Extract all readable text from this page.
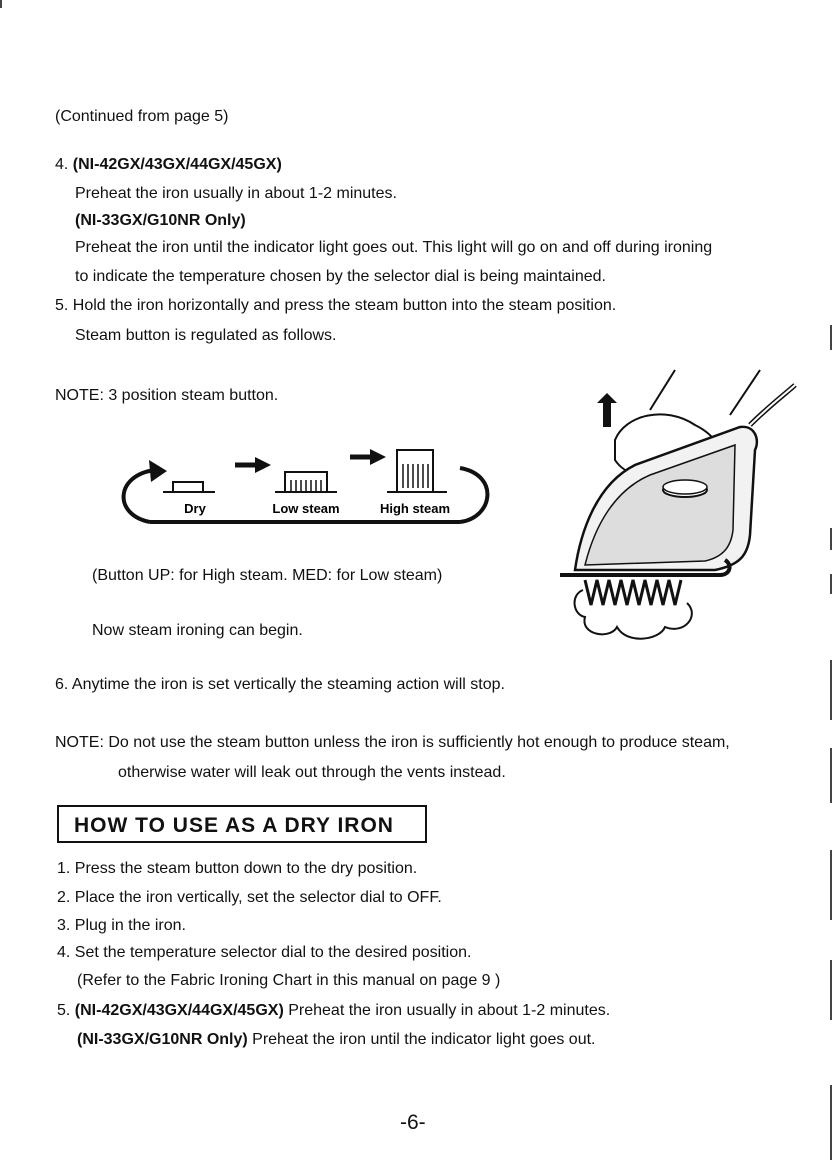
(Continued from page 5)
4. (NI-42GX/43GX/44GX/45GX)
Preheat the iron usually in about 1-2 minutes.
(NI-33GX/G10NR Only)
Preheat the iron until the indicator light goes out. This light will go on and off during ironing
to indicate the temperature chosen by the selector dial is being maintained.
5. Hold the iron horizontally and press the steam button into the steam position.
Steam button is regulated as follows.
NOTE: 3 position steam button.
Dry	Low steam	High steam
(Button UP: for High steam. MED: for Low steam)
Now steam ironing can begin.
6. Anytime the iron is set vertically the steaming action will stop.
NOTE: Do not use the steam button unless the iron is sufficiently hot enough to produce steam,
otherwise water will leak out through the vents instead.
HOW TO USE AS A DRY IRON
1. Press the steam button down to the dry position.
2. Place the iron vertically, set the selector dial to OFF.
3. Plug in the iron.
4. Set the temperature selector dial to the desired position.
(Refer to the Fabric Ironing Chart in this manual on page 9 )
5. (NI-42GX/43GX/44GX/45GX) Preheat the iron usually in about 1-2 minutes.
(NI-33GX/G10NR Only) Preheat the iron until the indicator light goes out.
-6-
